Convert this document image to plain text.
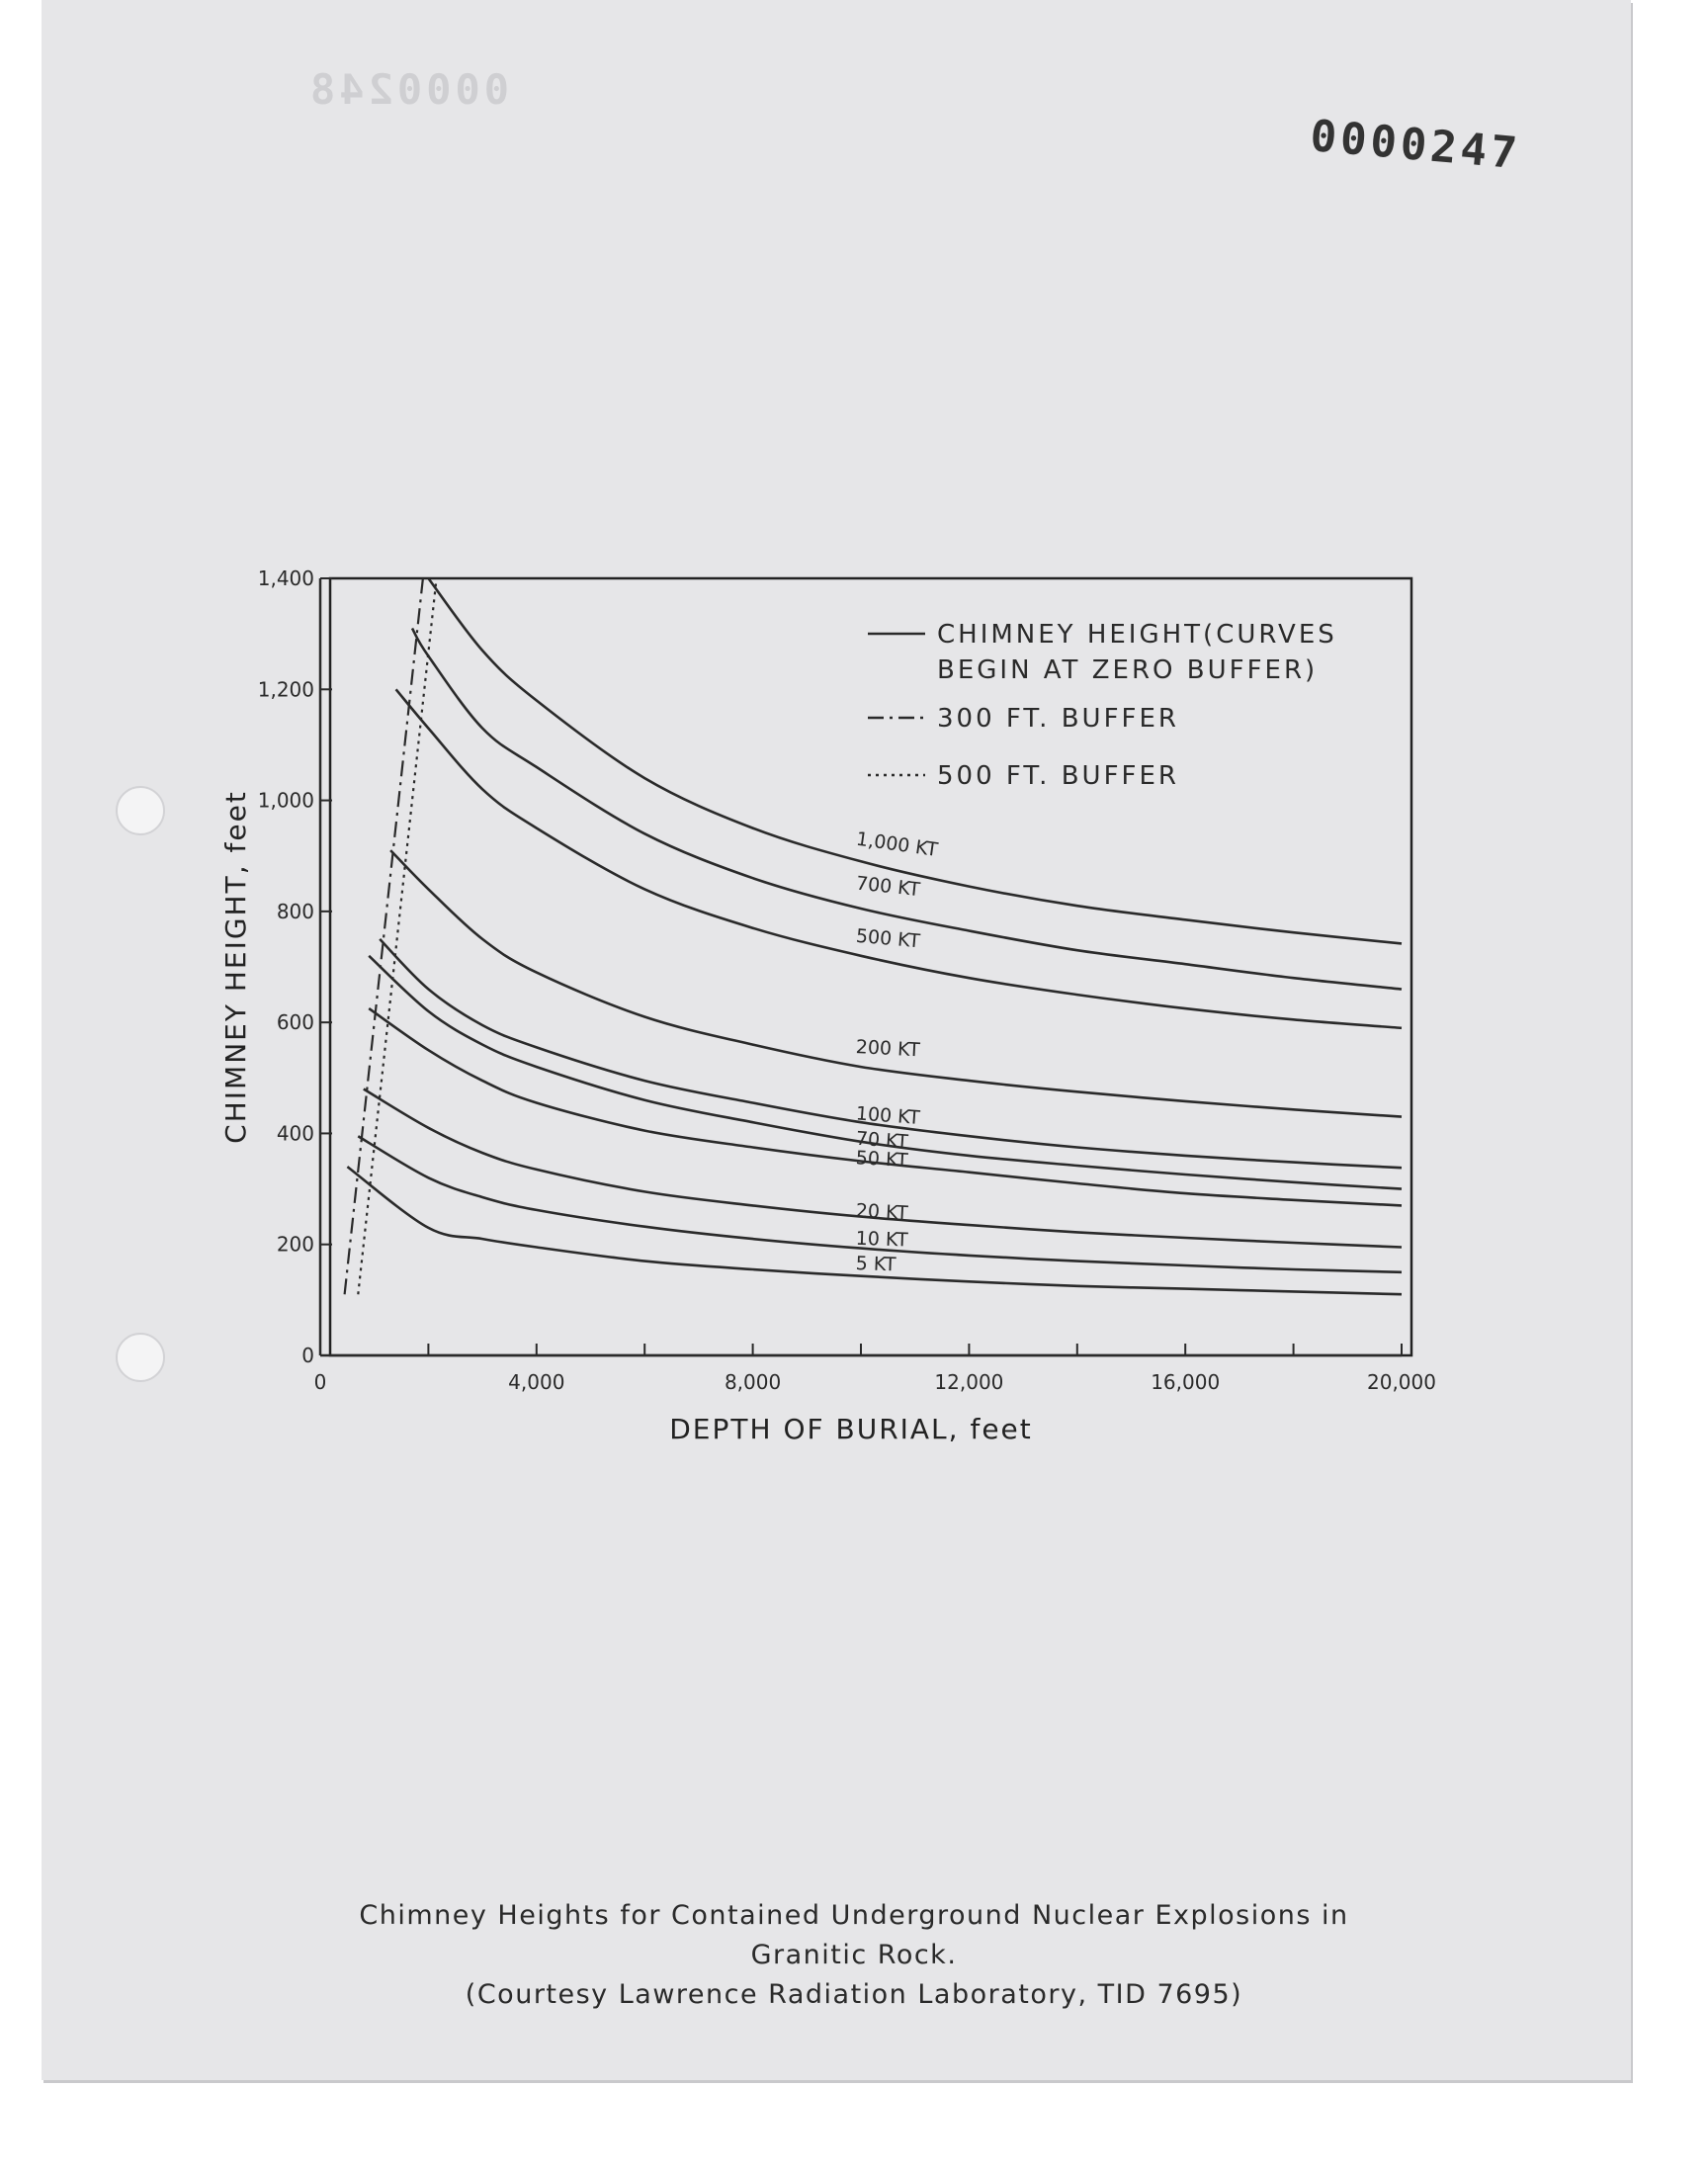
0000248
0000247
0	4,000	8,000	12,000	16,000	20,000
0
200
400
600
800
1,000
1,200
1,400
1,000 KT
700 KT
500 KT
200 KT
100 KT
70 KT
50 KT
20 KT
10 KT
5 KT
CHIMNEY HEIGHT(CURVES
BEGIN AT ZERO BUFFER)
300 FT. BUFFER
500 FT. BUFFER
DEPTH OF BURIAL, feet
CHIMNEY HEIGHT, feet
Chimney Heights for Contained Underground Nuclear Explosions in
Granitic Rock.
(Courtesy Lawrence Radiation Laboratory, TID 7695)
